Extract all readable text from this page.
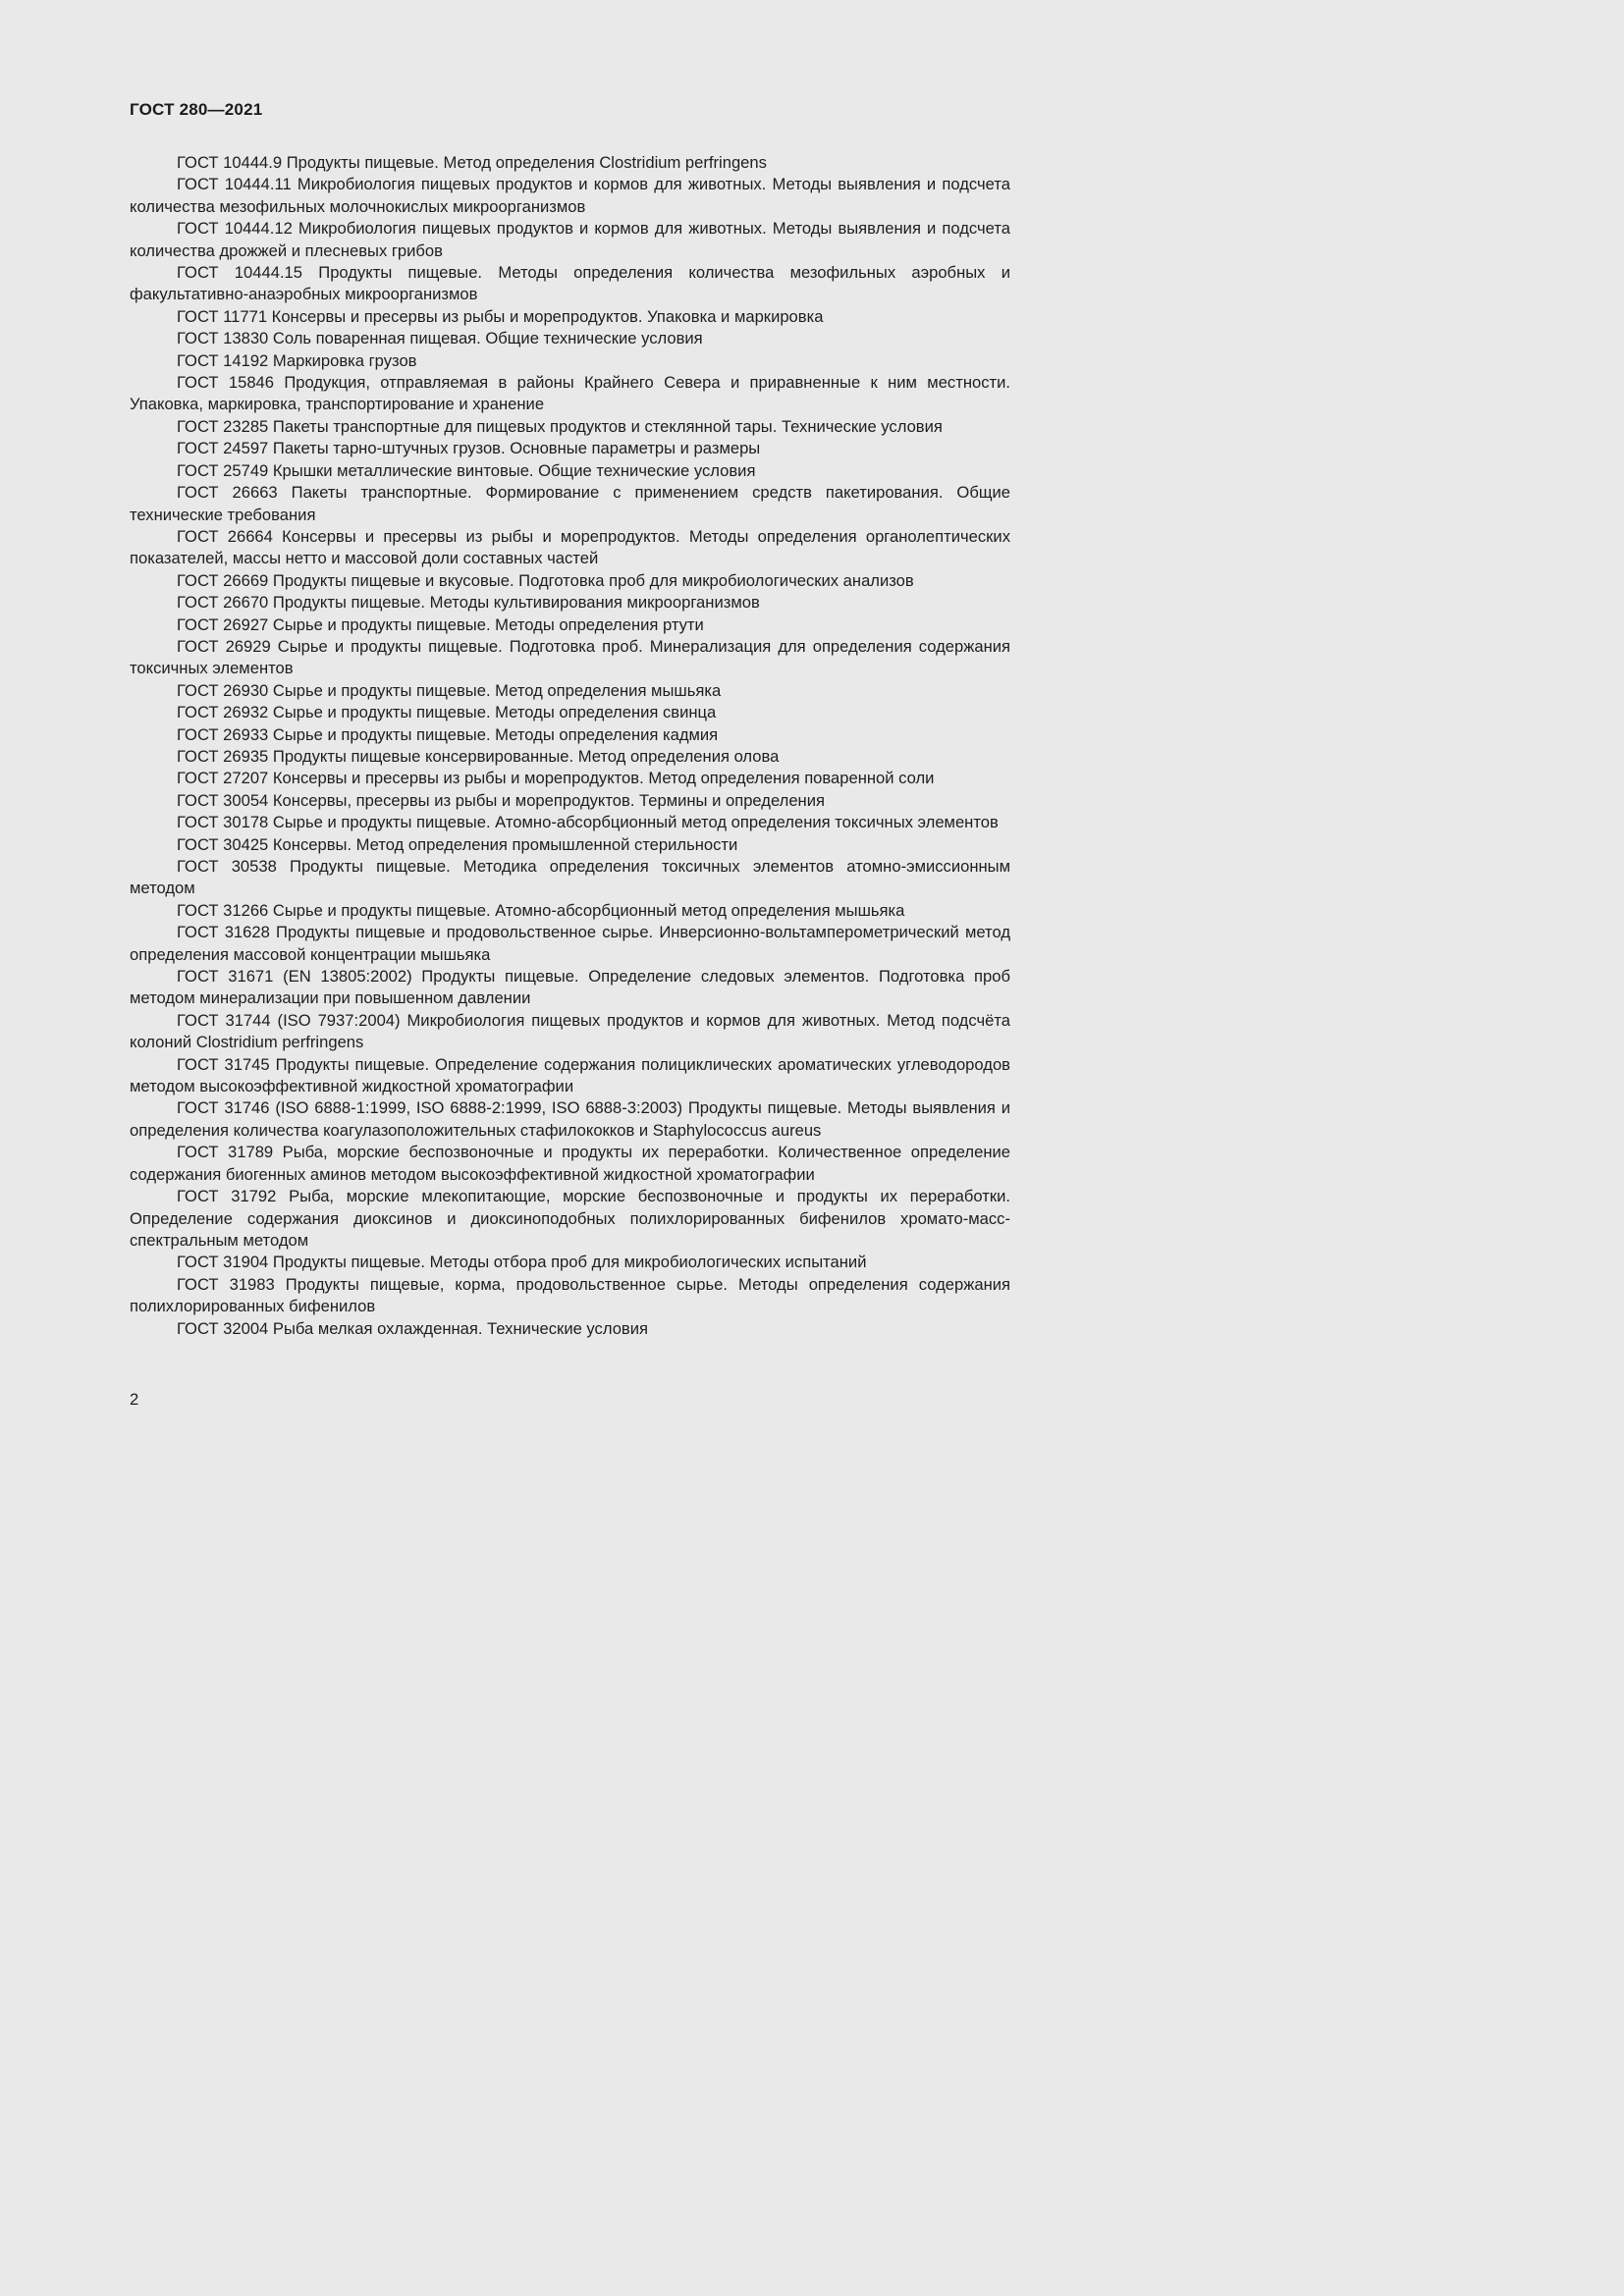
ГОСТ 280—2021

ГОСТ 10444.9 Продукты пищевые. Метод определения Clostridium perfringens

ГОСТ 10444.11 Микробиология пищевых продуктов и кормов для животных. Методы выявления и подсчета количества мезофильных молочнокислых микроорганизмов

ГОСТ 10444.12 Микробиология пищевых продуктов и кормов для животных. Методы выявления и подсчета количества дрожжей и плесневых грибов

ГОСТ 10444.15 Продукты пищевые. Методы определения количества мезофильных аэробных и факультативно-анаэробных микроорганизмов

ГОСТ 11771 Консервы и пресервы из рыбы и морепродуктов. Упаковка и маркировка

ГОСТ 13830 Соль поваренная пищевая. Общие технические условия

ГОСТ 14192 Маркировка грузов

ГОСТ 15846 Продукция, отправляемая в районы Крайнего Севера и приравненные к ним местности. Упаковка, маркировка, транспортирование и хранение

ГОСТ 23285 Пакеты транспортные для пищевых продуктов и стеклянной тары. Технические условия

ГОСТ 24597 Пакеты тарно-штучных грузов. Основные параметры и размеры

ГОСТ 25749 Крышки металлические винтовые. Общие технические условия

ГОСТ 26663 Пакеты транспортные. Формирование с применением средств пакетирования. Общие технические требования

ГОСТ 26664 Консервы и пресервы из рыбы и морепродуктов. Методы определения органолептических показателей, массы нетто и массовой доли составных частей

ГОСТ 26669 Продукты пищевые и вкусовые. Подготовка проб для микробиологических анализов

ГОСТ 26670 Продукты пищевые. Методы культивирования микроорганизмов

ГОСТ 26927 Сырье и продукты пищевые. Методы определения ртути

ГОСТ 26929 Сырье и продукты пищевые. Подготовка проб. Минерализация для определения содержания токсичных элементов

ГОСТ 26930 Сырье и продукты пищевые. Метод определения мышьяка

ГОСТ 26932 Сырье и продукты пищевые. Методы определения свинца

ГОСТ 26933 Сырье и продукты пищевые. Методы определения кадмия

ГОСТ 26935 Продукты пищевые консервированные. Метод определения олова

ГОСТ 27207 Консервы и пресервы из рыбы и морепродуктов. Метод определения поваренной соли

ГОСТ 30054 Консервы, пресервы из рыбы и морепродуктов. Термины и определения

ГОСТ 30178 Сырье и продукты пищевые. Атомно-абсорбционный метод определения токсичных элементов

ГОСТ 30425 Консервы. Метод определения промышленной стерильности

ГОСТ 30538 Продукты пищевые. Методика определения токсичных элементов атомно-эмиссионным методом

ГОСТ 31266 Сырье и продукты пищевые. Атомно-абсорбционный метод определения мышьяка

ГОСТ 31628 Продукты пищевые и продовольственное сырье. Инверсионно-вольтамперометрический метод определения массовой концентрации мышьяка

ГОСТ 31671 (EN 13805:2002) Продукты пищевые. Определение следовых элементов. Подготовка проб методом минерализации при повышенном давлении

ГОСТ 31744 (ISO 7937:2004) Микробиология пищевых продуктов и кормов для животных. Метод подсчёта колоний Clostridium perfringens

ГОСТ 31745 Продукты пищевые. Определение содержания полициклических ароматических углеводородов методом высокоэффективной жидкостной хроматографии

ГОСТ 31746 (ISO 6888-1:1999, ISO 6888-2:1999, ISO 6888-3:2003) Продукты пищевые. Методы выявления и определения количества коагулазоположительных стафилококков и Staphylococcus aureus

ГОСТ 31789 Рыба, морские беспозвоночные и продукты их переработки. Количественное определение содержания биогенных аминов методом высокоэффективной жидкостной хроматографии

ГОСТ 31792 Рыба, морские млекопитающие, морские беспозвоночные и продукты их переработки. Определение содержания диоксинов и диоксиноподобных полихлорированных бифенилов хромато-масс-спектральным методом

ГОСТ 31904 Продукты пищевые. Методы отбора проб для микробиологических испытаний

ГОСТ 31983 Продукты пищевые, корма, продовольственное сырье. Методы определения содержания полихлорированных бифенилов

ГОСТ 32004 Рыба мелкая охлажденная. Технические условия

2
